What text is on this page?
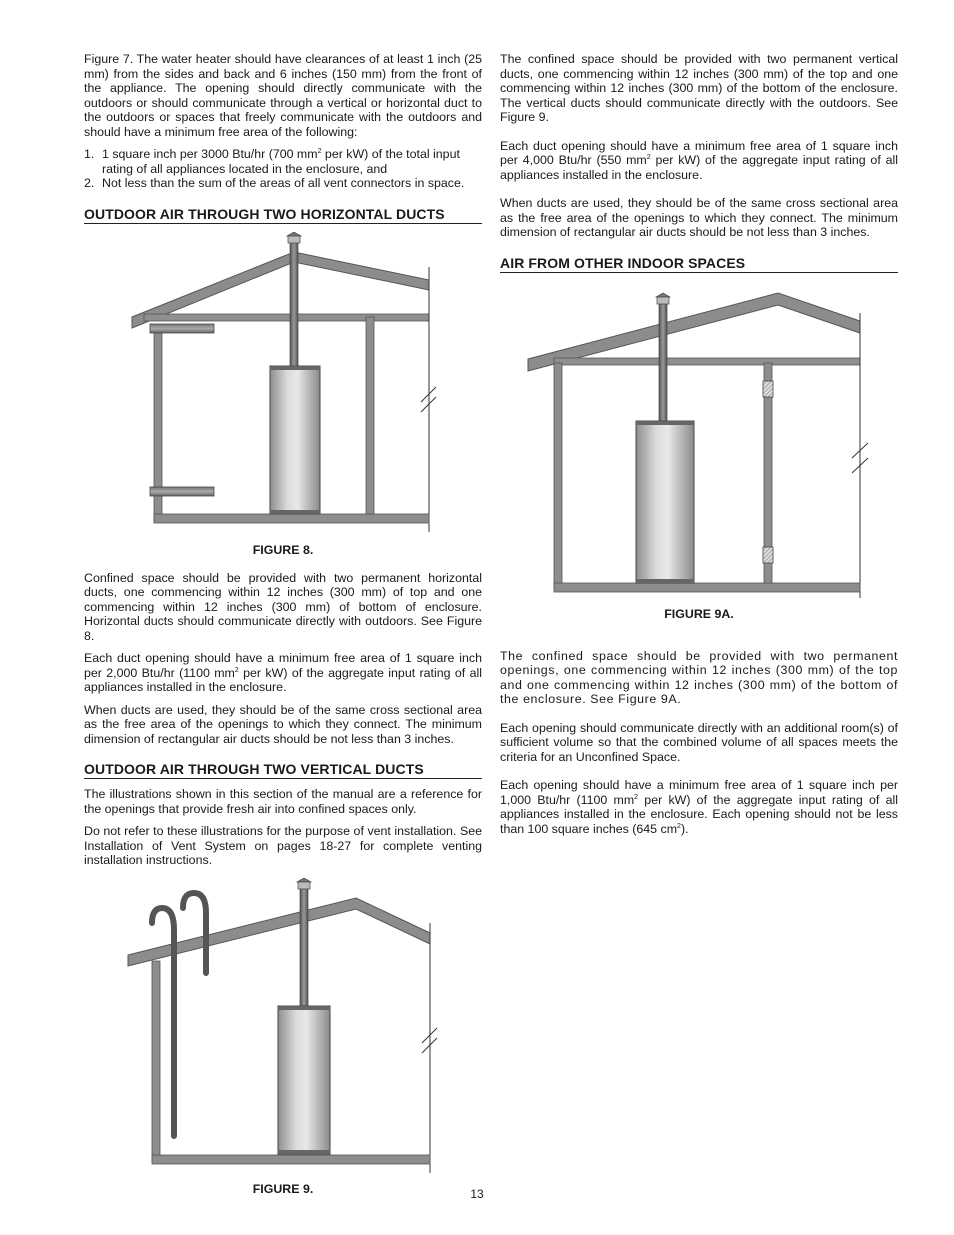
Figure 7. The water heater should have clearances of at least 1 inch (25 mm) from the sides and back and 6 inches (150 mm) from the front of the appliance. The opening should directly communicate with the outdoors or should communicate through a vertical or horizontal duct to the outdoors or spaces that freely communicate with the outdoors and should have a minimum free area of the following:

1. 1 square inch per 3000 Btu/hr (700 $mm^2$ per kW) of the total input rating of all appliances located in the enclosure, and
2. Not less than the sum of the areas of all vent connectors in space.
OUTDOOR AIR THROUGH TWO HORIZONTAL DUCTS
FIGURE 8.

Confined space should be provided with two permanent horizontal ducts, one commencing within 12 inches (300 mm) of top and one commencing within 12 inches (300 mm) of bottom of enclosure. Horizontal ducts should communicate directly with outdoors. See Figure 8.

Each duct opening should have a minimum free area of 1 square inch per 2,000 Btu/hr (1100 $mm^2$ per kW) of the aggregate input rating of all appliances installed in the enclosure.

When ducts are used, they should be of the same cross sectional area as the free area of the openings to which they connect. The minimum dimension of rectangular air ducts should be not less than 3 inches.

OUTDOOR AIR THROUGH TWO VERTICAL DUCTS

The illustrations shown in this section of the manual are a reference for the openings that provide fresh air into confined spaces only.

Do not refer to these illustrations for the purpose of vent installation. See Installation of Vent System on pages 18-27 for complete venting installation instructions.

FIGURE 9.

The confined space should be provided with two permanent vertical ducts, one commencing within 12 inches (300 mm) of the top and one commencing within 12 inches (300 mm) of the bottom of the enclosure. The vertical ducts should communicate directly with the outdoors. See Figure 9.

Each duct opening should have a minimum free area of 1 square inch per 4,000 Btu/hr (550 $mm^2$ per kW) of the aggregate input rating of all appliances installed in the enclosure.

When ducts are used, they should be of the same cross sectional area as the free area of the openings to which they connect. The minimum dimension of rectangular air ducts should be not less than 3 inches.

AIR FROM OTHER INDOOR SPACES
FIGURE 9A.

The confined space should be provided with two permanent openings, one commencing within 12 inches (300 mm) of the top and one commencing within 12 inches (300 mm) of the bottom of the enclosure. See Figure 9A.

Each opening should communicate directly with an additional room(s) of sufficient volume so that the combined volume of all spaces meets the criteria for an Unconfined Space.

Each opening should have a minimum free area of 1 square inch per 1,000 Btu/hr (1100 $mm^2$ per kW) of the aggregate input rating of all appliances installed in the enclosure. Each opening should not be less than 100 square inches (645 $cm^2$).

13
